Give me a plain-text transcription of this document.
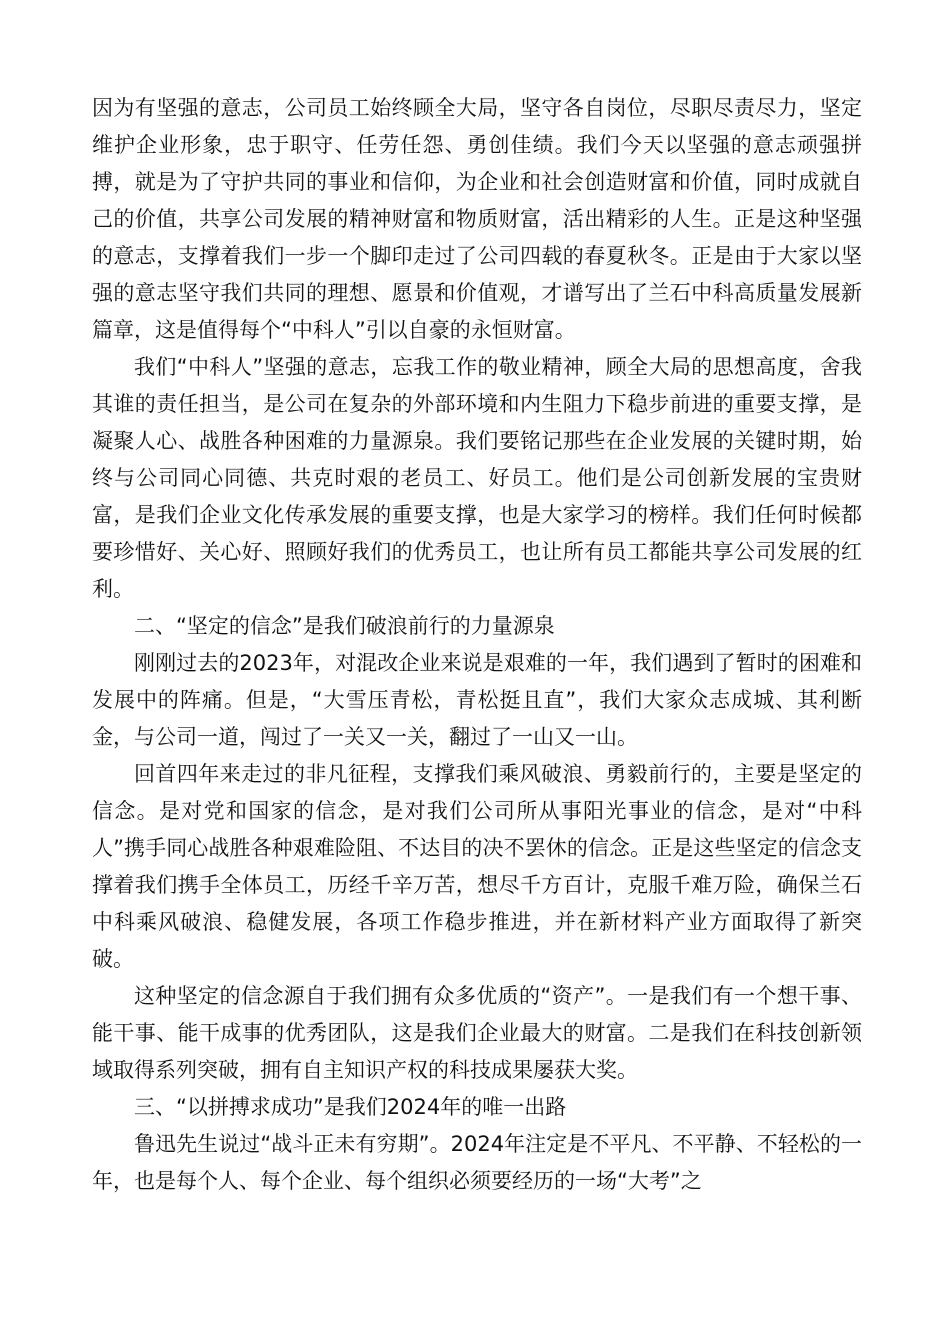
因为有坚强的意志，公司员工始终顾全大局，坚守各自岗位，尽职尽责尽力，坚定维护企业形象，忠于职守、任劳任怨、勇创佳绩。我们今天以坚强的意志顽强拼搏，就是为了守护共同的事业和信仰，为企业和社会创造财富和价值，同时成就自己的价值，共享公司发展的精神财富和物质财富，活出精彩的人生。正是这种坚强的意志，支撑着我们一步一个脚印走过了公司四载的春夏秋冬。正是由于大家以坚强的意志坚守我们共同的理想、愿景和价值观，才谱写出了兰石中科高质量发展新篇章，这是值得每个“中科人”引以自豪的永恒财富。

我们“中科人”坚强的意志，忘我工作的敬业精神，顾全大局的思想高度，舍我其谁的责任担当，是公司在复杂的外部环境和内生阻力下稳步前进的重要支撑，是凝聚人心、战胜各种困难的力量源泉。我们要铭记那些在企业发展的关键时期，始终与公司同心同德、共克时艰的老员工、好员工。他们是公司创新发展的宝贵财富，是我们企业文化传承发展的重要支撑，也是大家学习的榜样。我们任何时候都要珍惜好、关心好、照顾好我们的优秀员工，也让所有员工都能共享公司发展的红利。

二、“坚定的信念”是我们破浪前行的力量源泉

刚刚过去的2023年，对混改企业来说是艰难的一年，我们遇到了暂时的困难和发展中的阵痛。但是，“大雪压青松，青松挺且直”，我们大家众志成城、其利断金，与公司一道，闯过了一关又一关，翻过了一山又一山。

回首四年来走过的非凡征程，支撑我们乘风破浪、勇毅前行的，主要是坚定的信念。是对党和国家的信念，是对我们公司所从事阳光事业的信念，是对“中科人”携手同心战胜各种艰难险阻、不达目的决不罢休的信念。正是这些坚定的信念支撑着我们携手全体员工，历经千辛万苦，想尽千方百计，克服千难万险，确保兰石中科乘风破浪、稳健发展，各项工作稳步推进，并在新材料产业方面取得了新突破。

这种坚定的信念源自于我们拥有众多优质的“资产”。一是我们有一个想干事、能干事、能干成事的优秀团队，这是我们企业最大的财富。二是我们在科技创新领域取得系列突破，拥有自主知识产权的科技成果屡获大奖。

三、“以拼搏求成功”是我们2024年的唯一出路

鲁迅先生说过“战斗正未有穷期”。2024年注定是不平凡、不平静、不轻松的一年，也是每个人、每个企业、每个组织必须要经历的一场“大考”之
